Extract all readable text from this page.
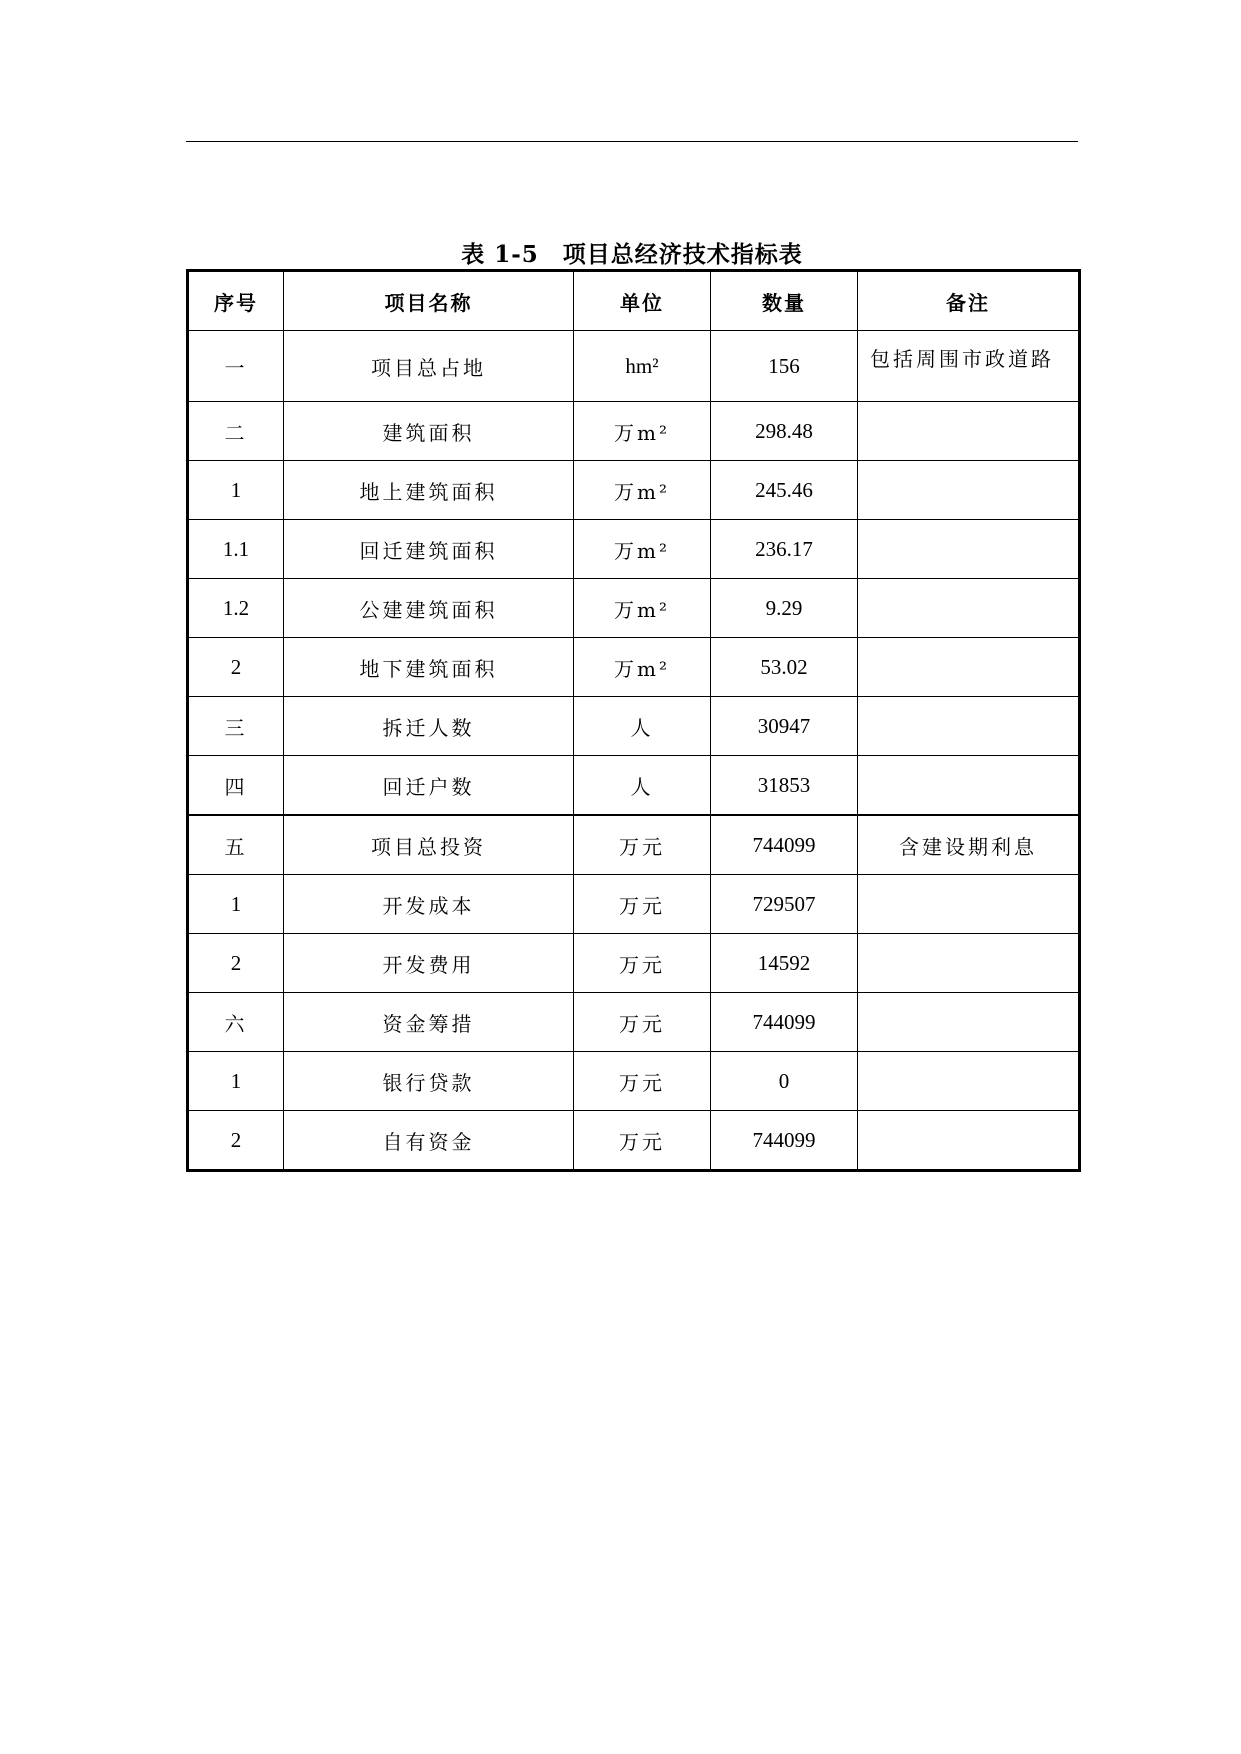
表 1-5　项目总经济技术指标表
序号	项目名称	单位	数量	备注
一	项目总占地	hm²	156	包括周围市政道路
二	建筑面积	万m²	298.48	
1	地上建筑面积	万m²	245.46	
1.1	回迁建筑面积	万m²	236.17	
1.2	公建建筑面积	万m²	9.29	
2	地下建筑面积	万m²	53.02	
三	拆迁人数	人	30947	
四	回迁户数	人	31853	
五	项目总投资	万元	744099	含建设期利息
1	开发成本	万元	729507	
2	开发费用	万元	14592	
六	资金筹措	万元	744099	
1	银行贷款	万元	0	
2	自有资金	万元	744099	
